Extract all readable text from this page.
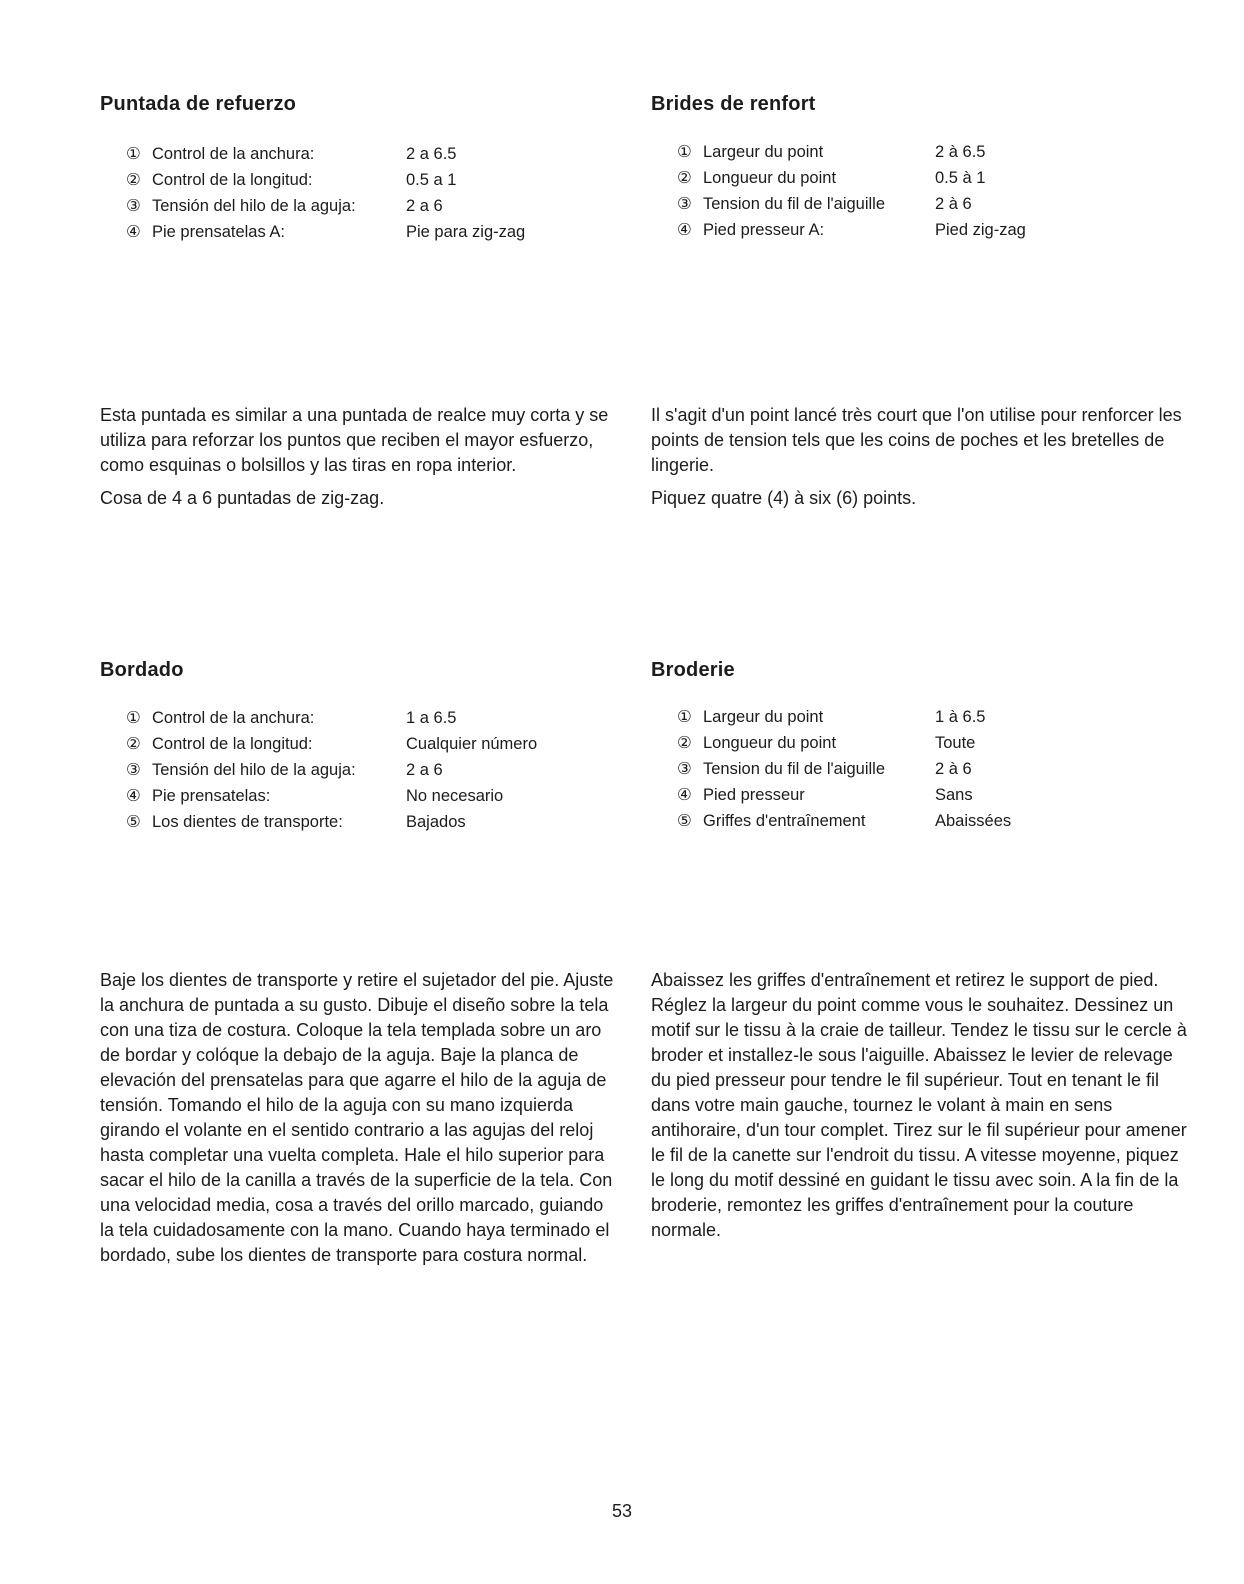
Puntada de refuerzo
① Control de la anchura:	2 a 6.5
② Control de la longitud:	0.5 a 1
③ Tensión del hilo de la aguja:	2 a 6
④ Pie prensatelas A:	Pie para zig-zag

Esta puntada es similar a una puntada de realce muy corta y se utiliza para reforzar los puntos que reciben el mayor esfuerzo, como esquinas o bolsillos y las tiras en ropa interior.

Cosa de 4 a 6 puntadas de zig-zag.

Brides de renfort
① Largeur du point	2 à 6.5
② Longueur du point	0.5 à 1
③ Tension du fil de l'aiguille	2 à 6
④ Pied presseur A:	Pied zig-zag

Il s'agit d'un point lancé très court que l'on utilise pour renforcer les points de tension tels que les coins de poches et les bretelles de lingerie.

Piquez quatre (4) à six (6) points.

Bordado
① Control de la anchura:	1 a 6.5
② Control de la longitud:	Cualquier número
③ Tensión del hilo de la aguja:	2 a 6
④ Pie prensatelas:	No necesario
⑤ Los dientes de transporte:	Bajados

Baje los dientes de transporte y retire el sujetador del pie. Ajuste la anchura de puntada a su gusto. Dibuje el diseño sobre la tela con una tiza de costura. Coloque la tela templada sobre un aro de bordar y colóque la debajo de la aguja. Baje la planca de elevación del prensatelas para que agarre el hilo de la aguja de tensión. Tomando el hilo de la aguja con su mano izquierda girando el volante en el sentido contrario a las agujas del reloj hasta completar una vuelta completa. Hale el hilo superior para sacar el hilo de la canilla a través de la superficie de la tela. Con una velocidad media, cosa a través del orillo marcado, guiando la tela cuidadosamente con la mano. Cuando haya terminado el bordado, sube los dientes de transporte para costura normal.

Broderie
① Largeur du point	1 à 6.5
② Longueur du point	Toute
③ Tension du fil de l'aiguille	2 à 6
④ Pied presseur	Sans
⑤ Griffes d'entraînement	Abaissées

Abaissez les griffes d'entraînement et retirez le support de pied. Réglez la largeur du point comme vous le souhaitez. Dessinez un motif sur le tissu à la craie de tailleur. Tendez le tissu sur le cercle à broder et installez-le sous l'aiguille. Abaissez le levier de relevage du pied presseur pour tendre le fil supérieur. Tout en tenant le fil dans votre main gauche, tournez le volant à main en sens antihoraire, d'un tour complet. Tirez sur le fil supérieur pour amener le fil de la canette sur l'endroit du tissu. A vitesse moyenne, piquez le long du motif dessiné en guidant le tissu avec soin. A la fin de la broderie, remontez les griffes d'entraînement pour la couture normale.

53
